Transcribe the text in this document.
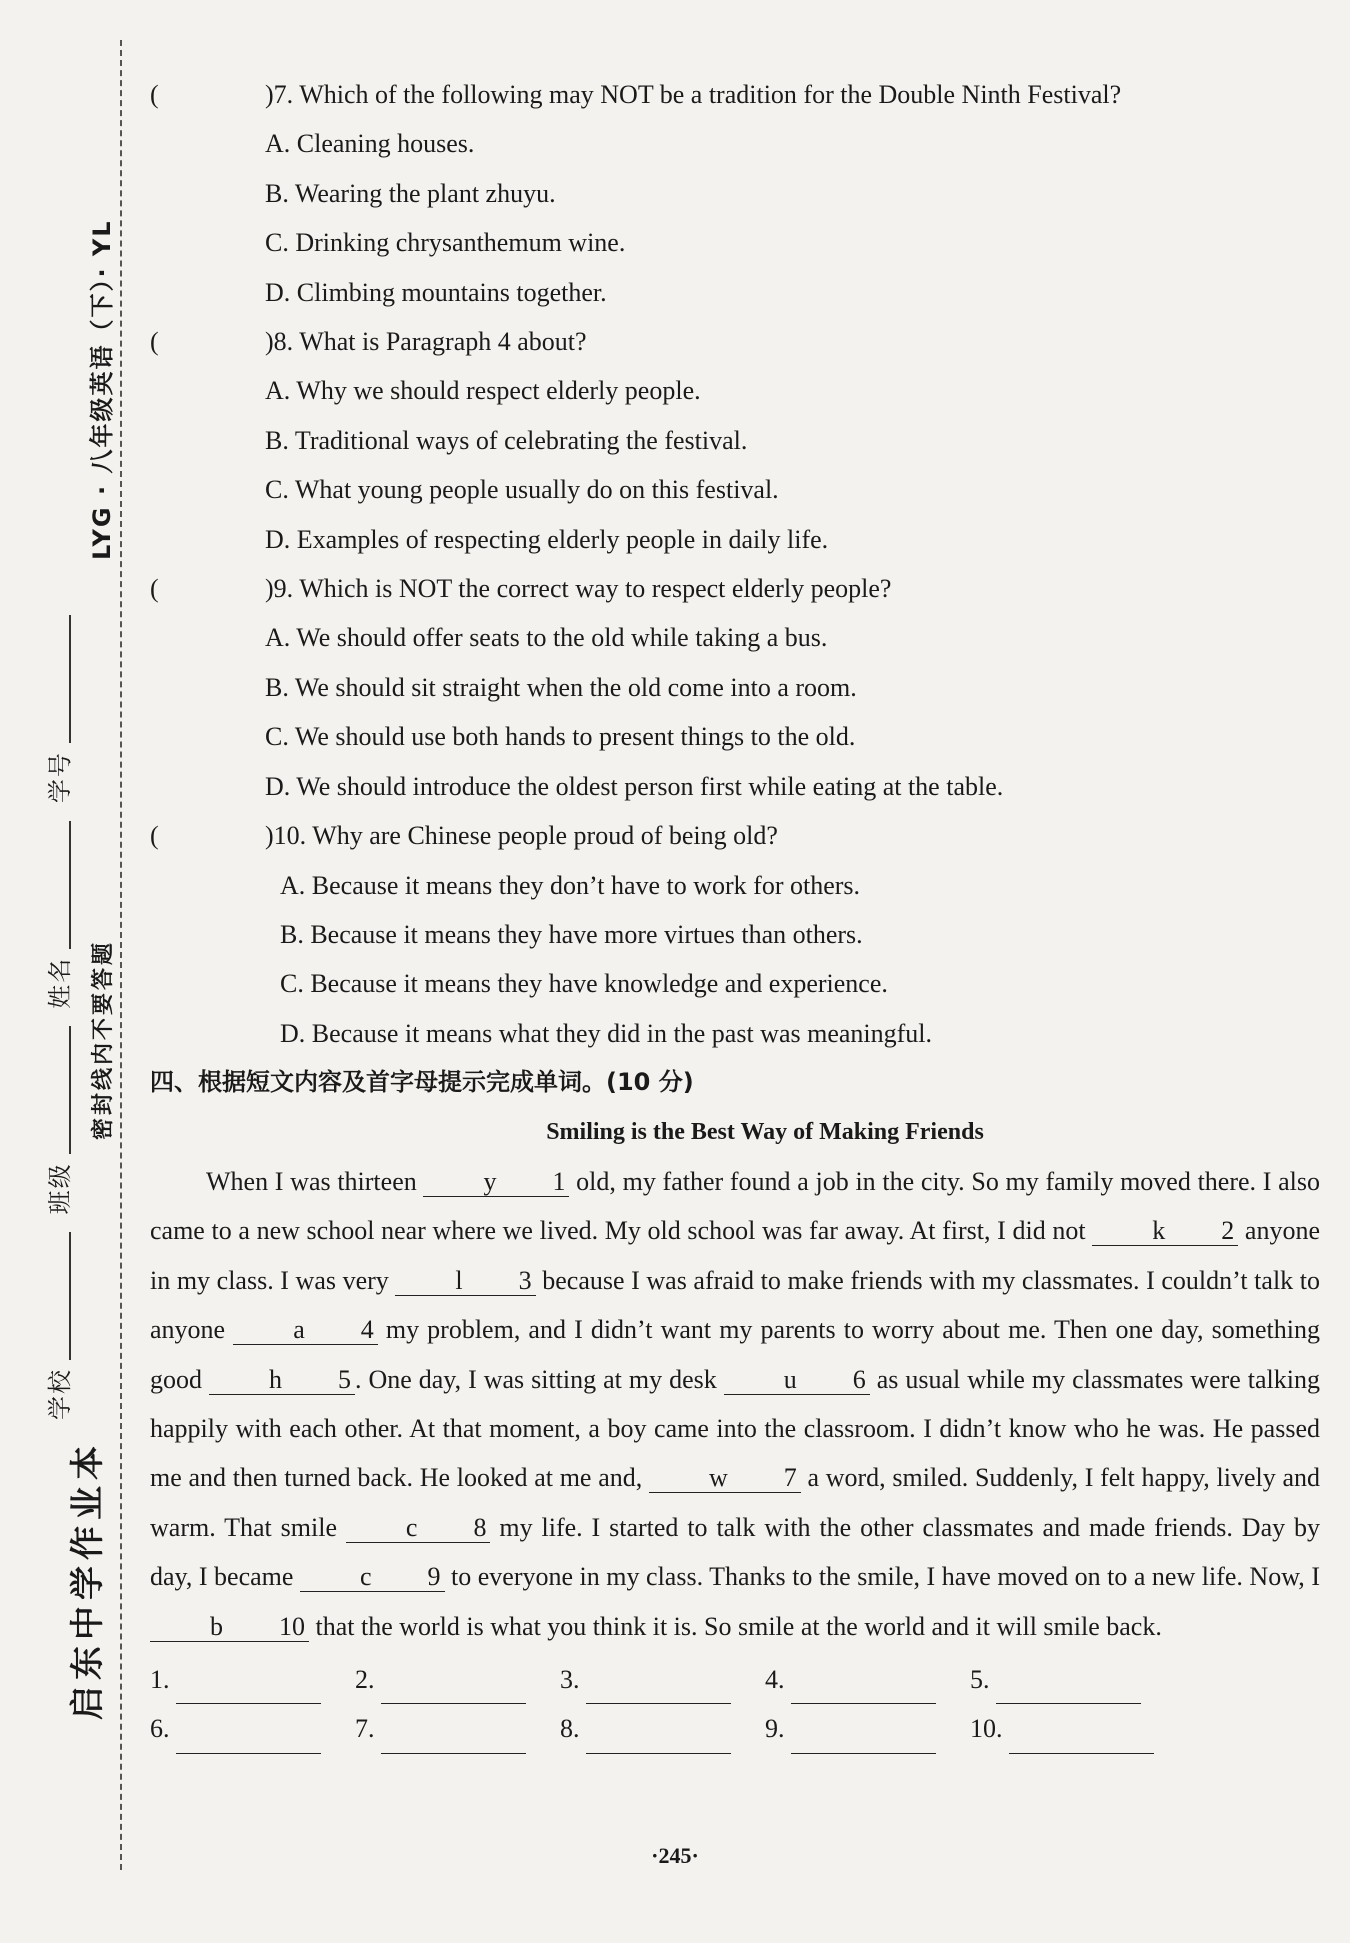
LYG · 八年级英语（下）· YL
启东中学作业本
学校 班级 姓名 学号
密封线内不要答题
(	)7. Which of the following may NOT be a tradition for the Double Ninth Festival?
A. Cleaning houses.
B. Wearing the plant zhuyu.
C. Drinking chrysanthemum wine.
D. Climbing mountains together.
(	)8. What is Paragraph 4 about?
A. Why we should respect elderly people.
B. Traditional ways of celebrating the festival.
C. What young people usually do on this festival.
D. Examples of respecting elderly people in daily life.
(	)9. Which is NOT the correct way to respect elderly people?
A. We should offer seats to the old while taking a bus.
B. We should sit straight when the old come into a room.
C. We should use both hands to present things to the old.
D. We should introduce the oldest person first while eating at the table.
(	)10. Why are Chinese people proud of being old?
A. Because it means they don’t have to work for others.
B. Because it means they have more virtues than others.
C. Because it means they have knowledge and experience.
D. Because it means what they did in the past was meaningful.
四、根据短文内容及首字母提示完成单词。(10 分)
Smiling is the Best Way of Making Friends

When I was thirteen y 1 old, my father found a job in the city. So my family moved there. I also came to a new school near where we lived. My old school was far away. At first, I did not k 2 anyone in my class. I was very l 3 because I was afraid to make friends with my classmates. I couldn’t talk to anyone a 4 my problem, and I didn’t want my parents to worry about me. Then one day, something good h 5 . One day, I was sitting at my desk u 6 as usual while my classmates were talking happily with each other. At that moment, a boy came into the classroom. I didn’t know who he was. He passed me and then turned back. He looked at me and, w 7 a word, smiled. Suddenly, I felt happy, lively and warm. That smile c 8 my life. I started to talk with the other classmates and made friends. Day by day, I became c 9 to everyone in my class. Thanks to the smile, I have moved on to a new life. Now, I b 10 that the world is what you think it is. So smile at the world and it will smile back.

1.	2.	3.	4.	5.
6.	7.	8.	9.	10.
·245·
